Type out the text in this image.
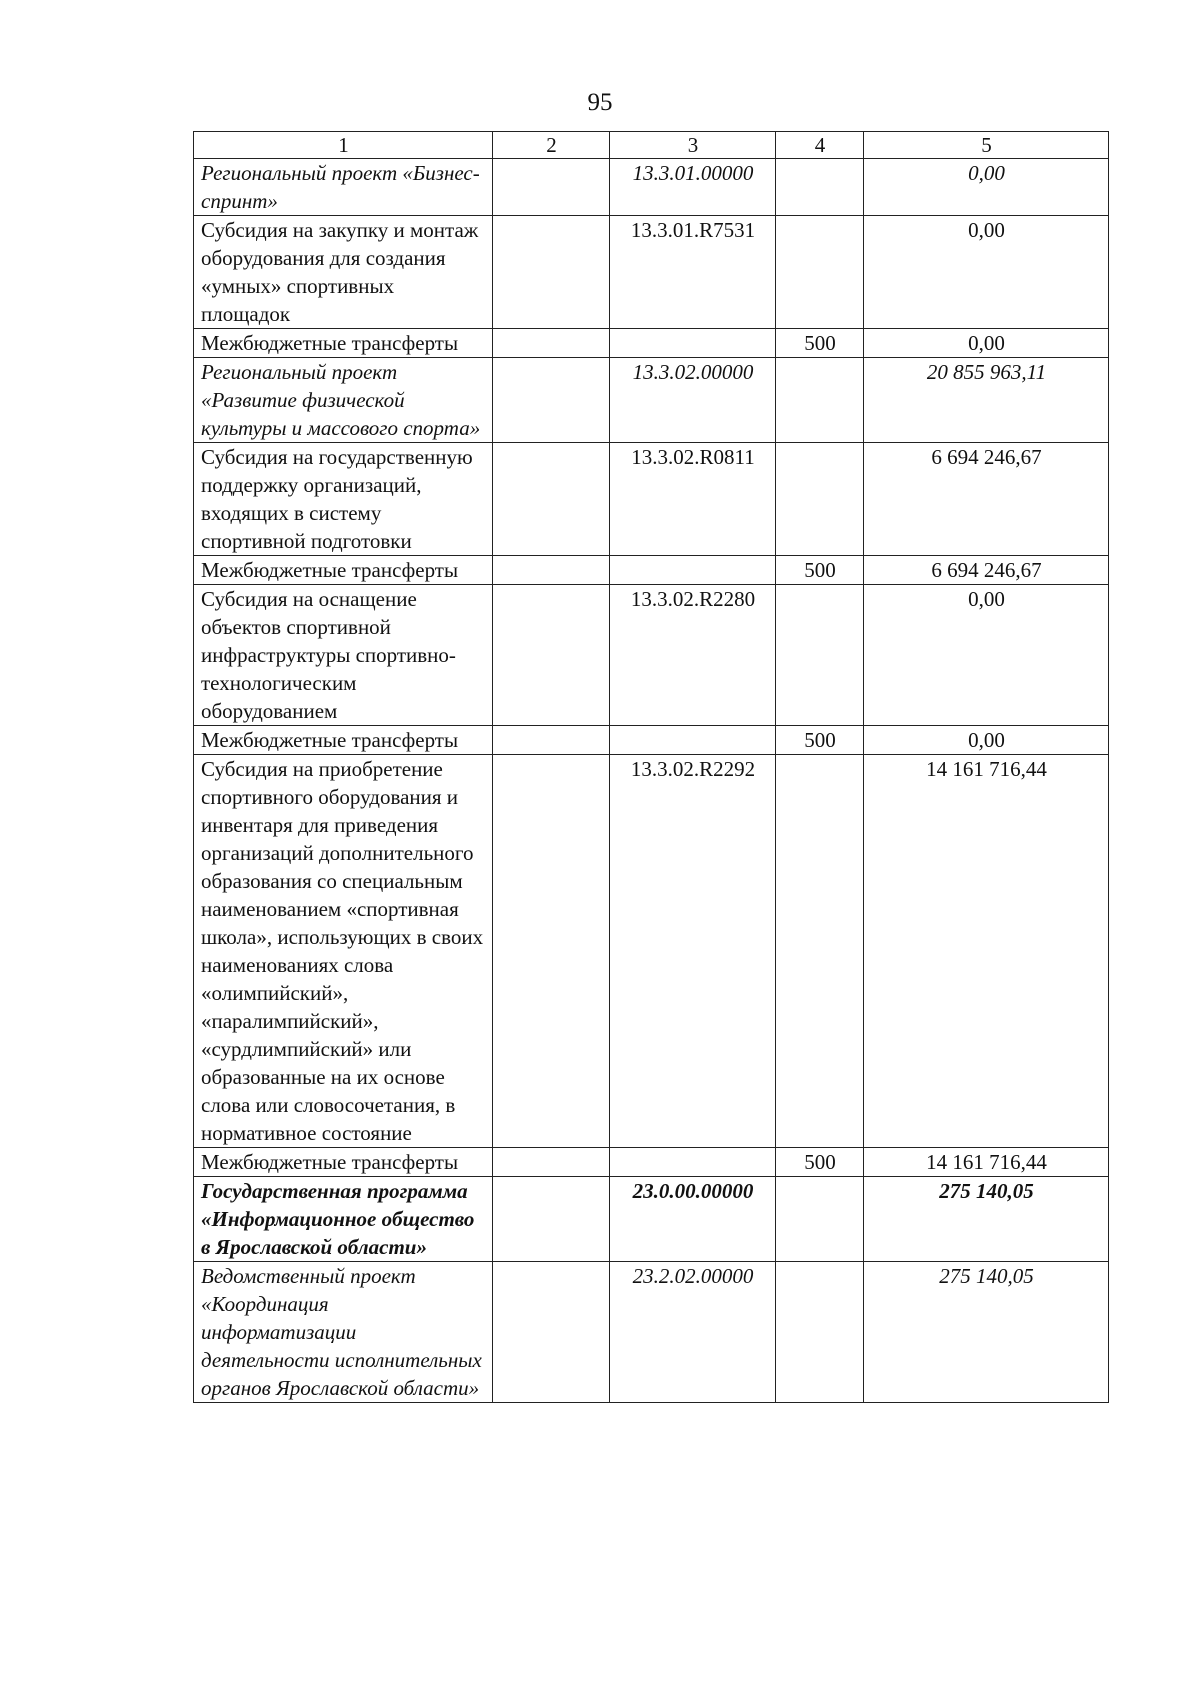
95
1	2	3	4	5
Региональный проект «Бизнес-спринт»		13.3.01.00000		0,00
Субсидия на закупку и монтаж оборудования для создания «умных» спортивных площадок		13.3.01.R7531		0,00
Межбюджетные трансферты			500	0,00
Региональный проект «Развитие физической культуры и массового спорта»		13.3.02.00000		20 855 963,11
Субсидия на государственную поддержку организаций, входящих в систему спортивной подготовки		13.3.02.R0811		6 694 246,67
Межбюджетные трансферты			500	6 694 246,67
Субсидия на оснащение объектов спортивной инфраструктуры спортивно-технологическим оборудованием		13.3.02.R2280		0,00
Межбюджетные трансферты			500	0,00
Субсидия на приобретение спортивного оборудования и инвентаря для приведения организаций дополнительного образования со специальным наименованием «спортивная школа», использующих в своих наименованиях слова «олимпийский», «паралимпийский», «сурдлимпийский» или образованные на их основе слова или словосочетания, в нормативное состояние		13.3.02.R2292		14 161 716,44
Межбюджетные трансферты			500	14 161 716,44
Государственная программа «Информационное общество в Ярославской области»		23.0.00.00000		275 140,05
Ведомственный проект «Координация информатизации деятельности исполнительных органов Ярославской области»		23.2.02.00000		275 140,05
